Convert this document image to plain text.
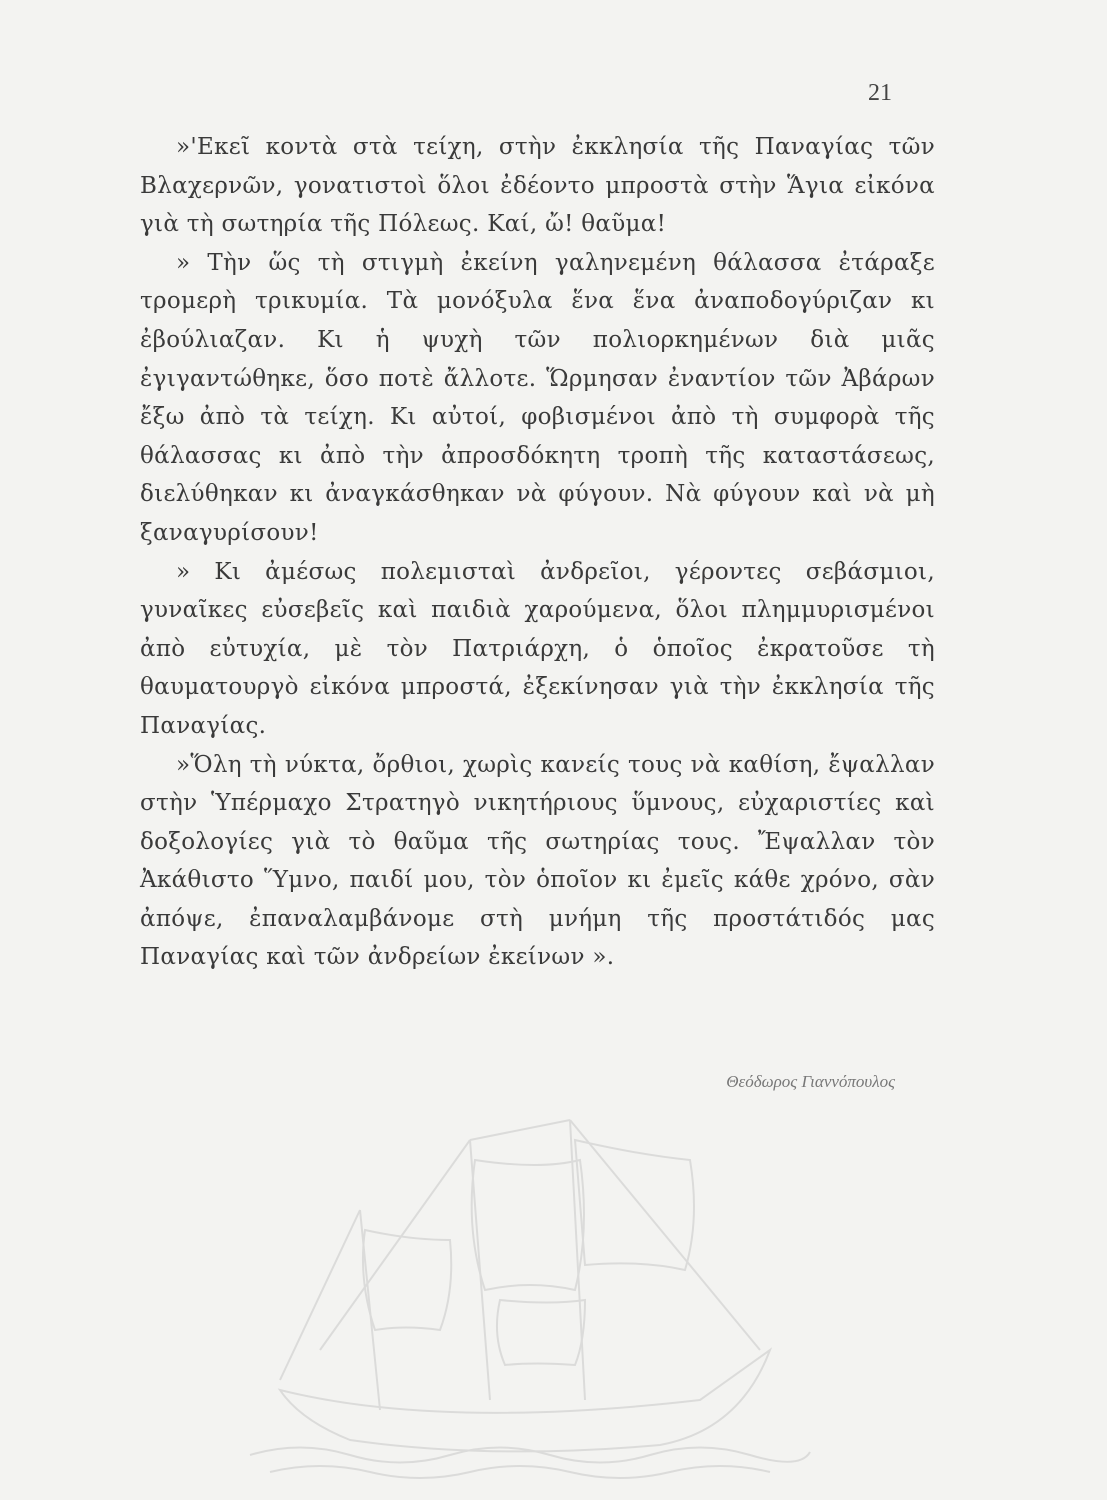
21

»'Εκεῖ κοντὰ στὰ τείχη, στὴν ἐκκλησία τῆς Παναγίας τῶν Βλαχερνῶν, γονατιστοὶ ὅλοι ἐδέοντο μπροστὰ στὴν Ἅγια εἰκόνα γιὰ τὴ σωτηρία τῆς Πόλεως. Καί, ὤ! θαῦμα!

» Τὴν ὥς τὴ στιγμὴ ἐκείνη γαληνεμένη θάλασσα ἐτάραξε τρομερὴ τρικυμία. Τὰ μονόξυλα ἕνα ἕνα ἀναποδογύριζαν κι ἐβούλιαζαν. Κι ἡ ψυχὴ τῶν πολιορκημένων διὰ μιᾶς ἐγιγαντώθηκε, ὅσο ποτὲ ἄλλοτε. Ὥρμησαν ἐναντίον τῶν Ἀβάρων ἔξω ἀπὸ τὰ τείχη. Κι αὐτοί, φοβισμένοι ἀπὸ τὴ συμφορὰ τῆς θάλασσας κι ἀπὸ τὴν ἀπροσδόκητη τροπὴ τῆς καταστάσεως, διελύθηκαν κι ἀναγκάσθηκαν νὰ φύγουν. Νὰ φύγουν καὶ νὰ μὴ ξαναγυρίσουν!

» Κι ἀμέσως πολεμισταὶ ἀνδρεῖοι, γέροντες σεβάσμιοι, γυναῖκες εὐσεβεῖς καὶ παιδιὰ χαρούμενα, ὅλοι πλημμυρισμένοι ἀπὸ εὐτυχία, μὲ τὸν Πατριάρχη, ὁ ὁποῖος ἐκρατοῦσε τὴ θαυματουργὸ εἰκόνα μπροστά, ἐξεκίνησαν γιὰ τὴν ἐκκλησία τῆς Παναγίας.

»Ὅλη τὴ νύκτα, ὄρθιοι, χωρὶς κανείς τους νὰ καθίση, ἔψαλλαν στὴν Ὑπέρμαχο Στρατηγὸ νικητήριους ὕμνους, εὐχαριστίες καὶ δοξολογίες γιὰ τὸ θαῦμα τῆς σωτηρίας τους. Ἔψαλλαν τὸν Ἀκάθιστο Ὕμνο, παιδί μου, τὸν ὁποῖον κι ἐμεῖς κάθε χρόνο, σὰν ἀπόψε, ἐπαναλαμβάνομε στὴ μνήμη τῆς προστάτιδός μας Παναγίας καὶ τῶν ἀνδρείων ἐκείνων ».

Θεόδωρος Γιαννόπουλος
